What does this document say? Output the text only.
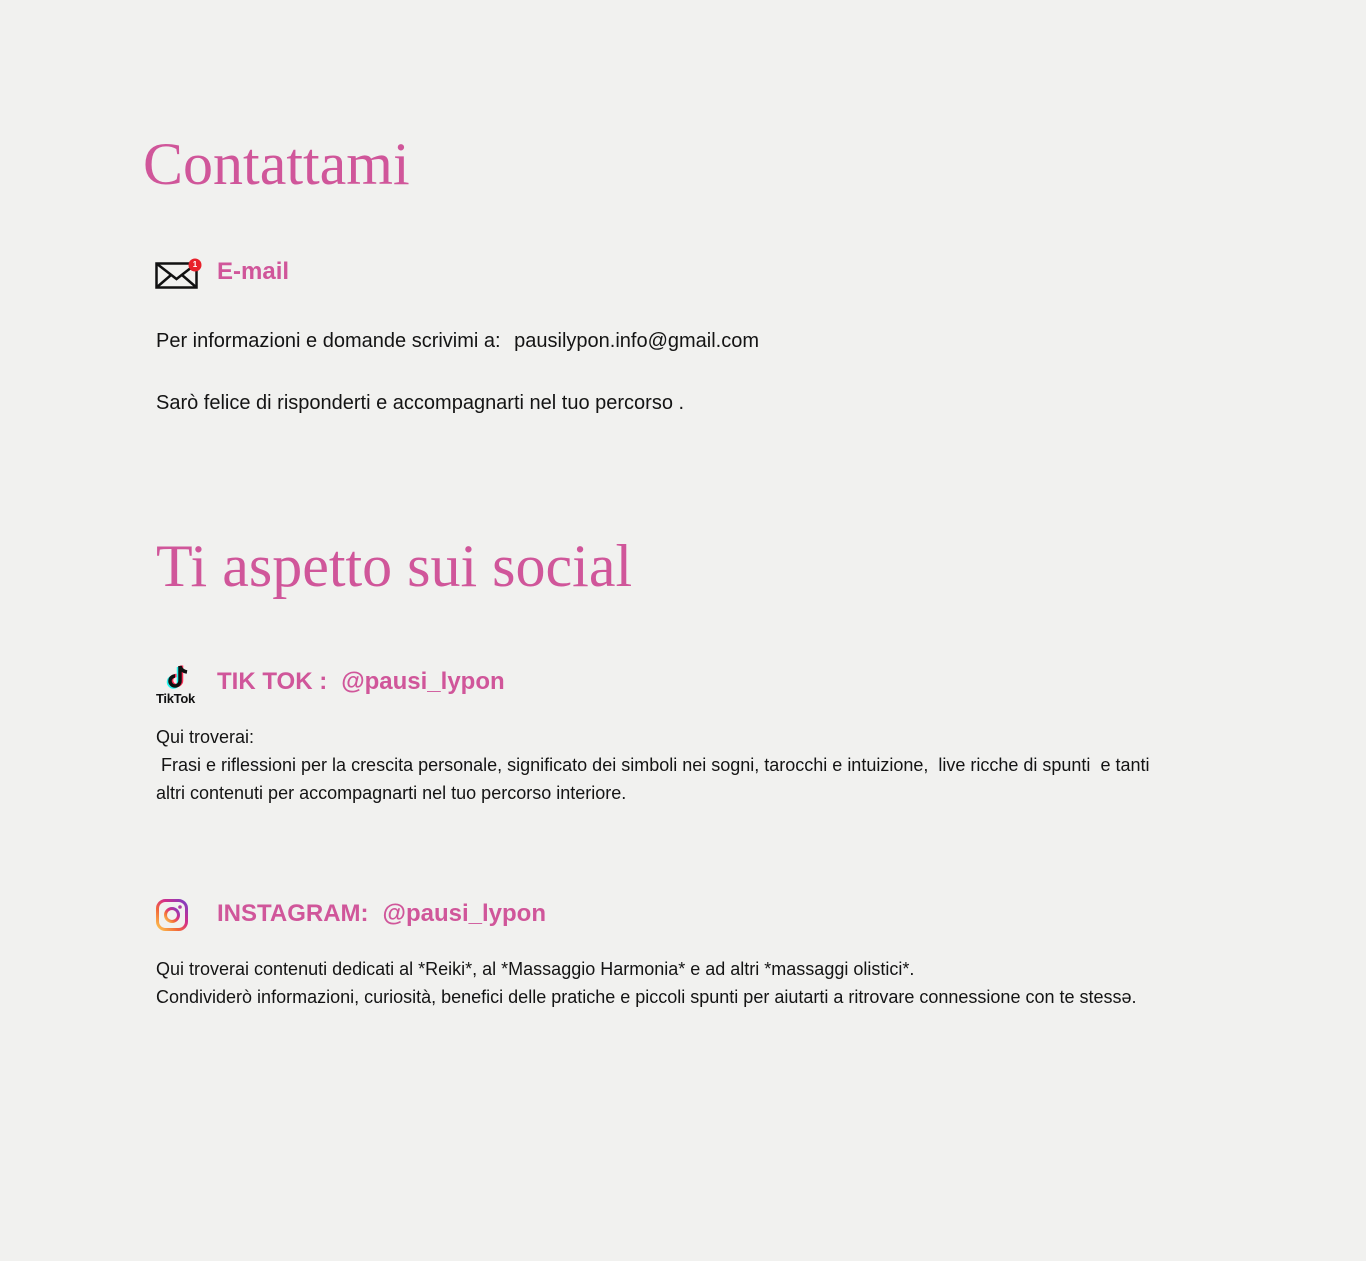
Contattami
1 E-mail
Per informazioni e domande scrivimi a: pausilypon.info@gmail.com
Sarò felice di risponderti e accompagnarti nel tuo percorso .
Ti aspetto sui social
TikTok
TIK TOK : @pausi_lypon
Qui troverai:
Frasi e riflessioni per la crescita personale, significato dei simboli nei sogni, tarocchi e intuizione,  live ricche di spunti  e tanti
altri contenuti per accompagnarti nel tuo percorso interiore.
INSTAGRAM: @pausi_lypon
Qui troverai contenuti dedicati al *Reiki*, al *Massaggio Harmonia* e ad altri *massaggi olistici*.
Condividerò informazioni, curiosità, benefici delle pratiche e piccoli spunti per aiutarti a ritrovare connessione con te stessə.
